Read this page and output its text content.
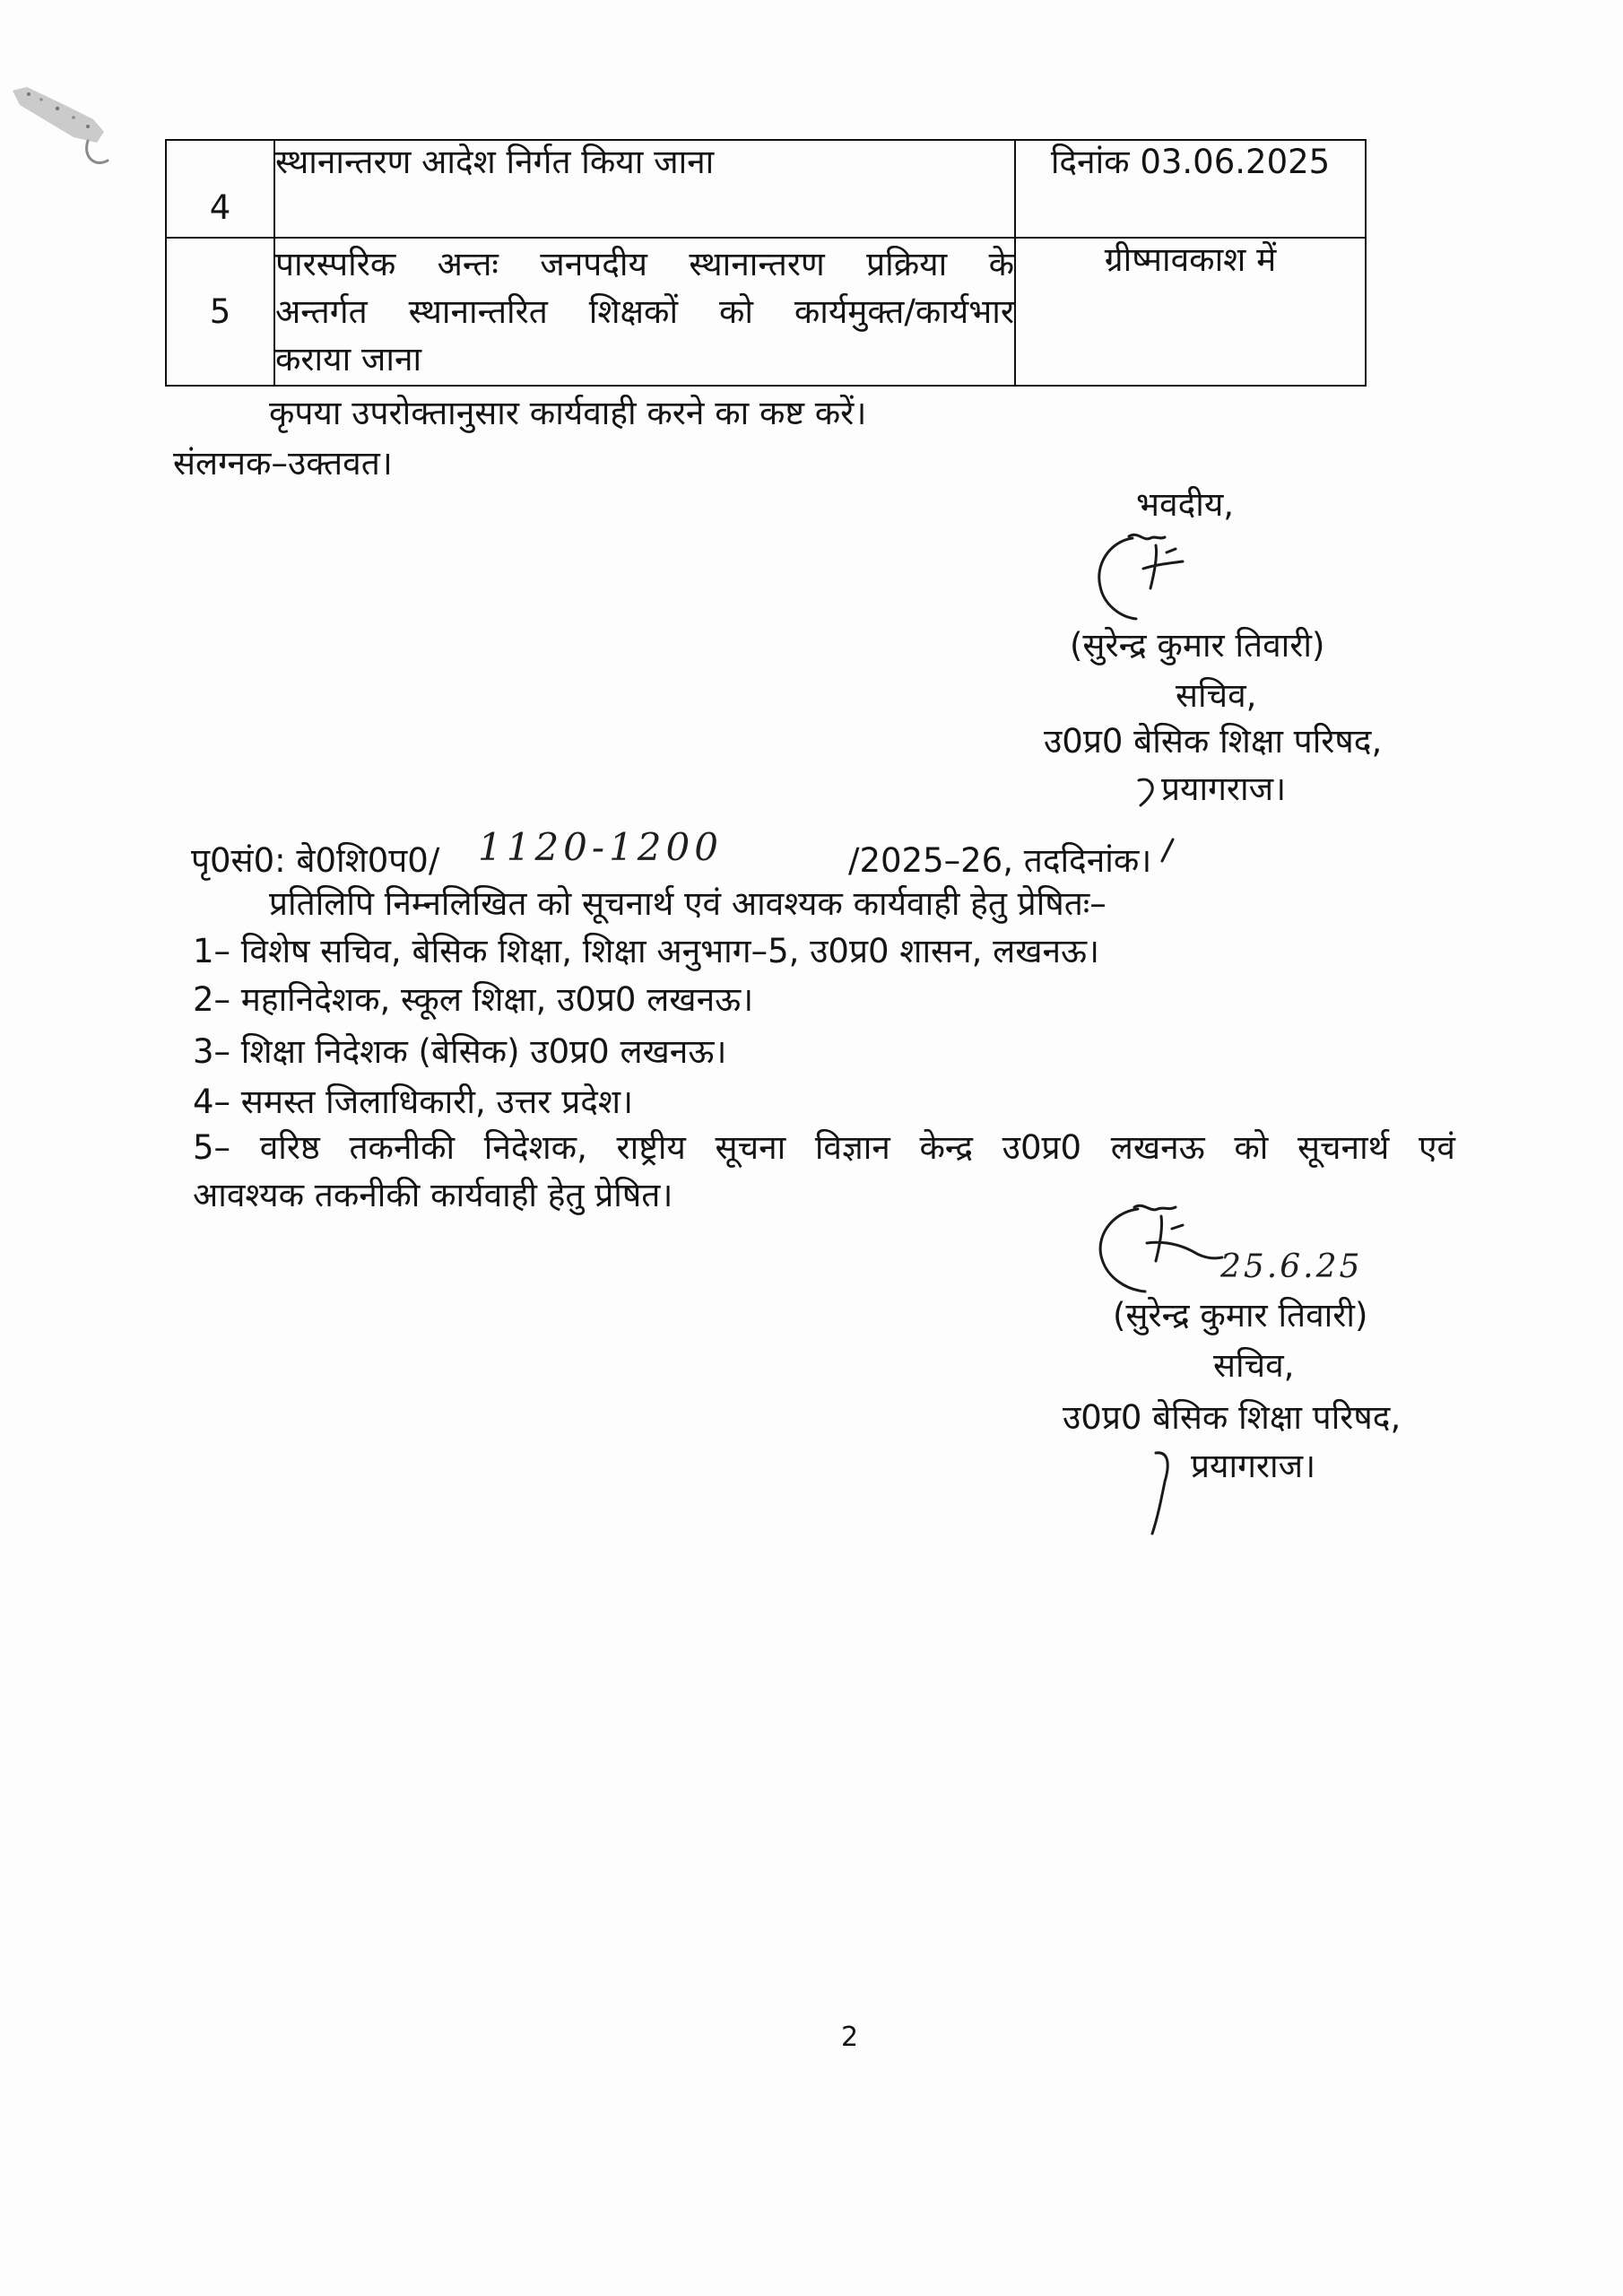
4	स्थानान्तरण आदेश निर्गत किया जाना	दिनांक 03.06.2025

5	पारस्परिक अन्तः जनपदीय स्थानान्तरण प्रक्रिया के
अन्तर्गत स्थानान्तरित शिक्षकों को कार्यमुक्त/कार्यभार
कराया जाना	ग्रीष्मावकाश में
कृपया उपरोक्तानुसार कार्यवाही करने का कष्ट करें।
संलग्नक–उक्तवत।
भवदीय,
(सुरेन्द्र कुमार तिवारी)
सचिव,
उ0प्र0 बेसिक शिक्षा परिषद,
प्रयागराज।
पृ0सं0: बे0शि0प0/ 1120-1200	/2025–26, तददिनांक।
प्रतिलिपि निम्नलिखित को सूचनार्थ एवं आवश्यक कार्यवाही हेतु प्रेषितः–
1– विशेष सचिव, बेसिक शिक्षा, शिक्षा अनुभाग–5, उ0प्र0 शासन, लखनऊ।
2– महानिदेशक, स्कूल शिक्षा, उ0प्र0 लखनऊ।
3– शिक्षा निदेशक (बेसिक) उ0प्र0 लखनऊ।
4– समस्त जिलाधिकारी, उत्तर प्रदेश।
5– वरिष्ठ तकनीकी निदेशक, राष्ट्रीय सूचना विज्ञान केन्द्र उ0प्र0 लखनऊ को सूचनार्थ एवं
आवश्यक तकनीकी कार्यवाही हेतु प्रेषित।
25.6.25
(सुरेन्द्र कुमार तिवारी)
सचिव,
उ0प्र0 बेसिक शिक्षा परिषद,
प्रयागराज।
2
